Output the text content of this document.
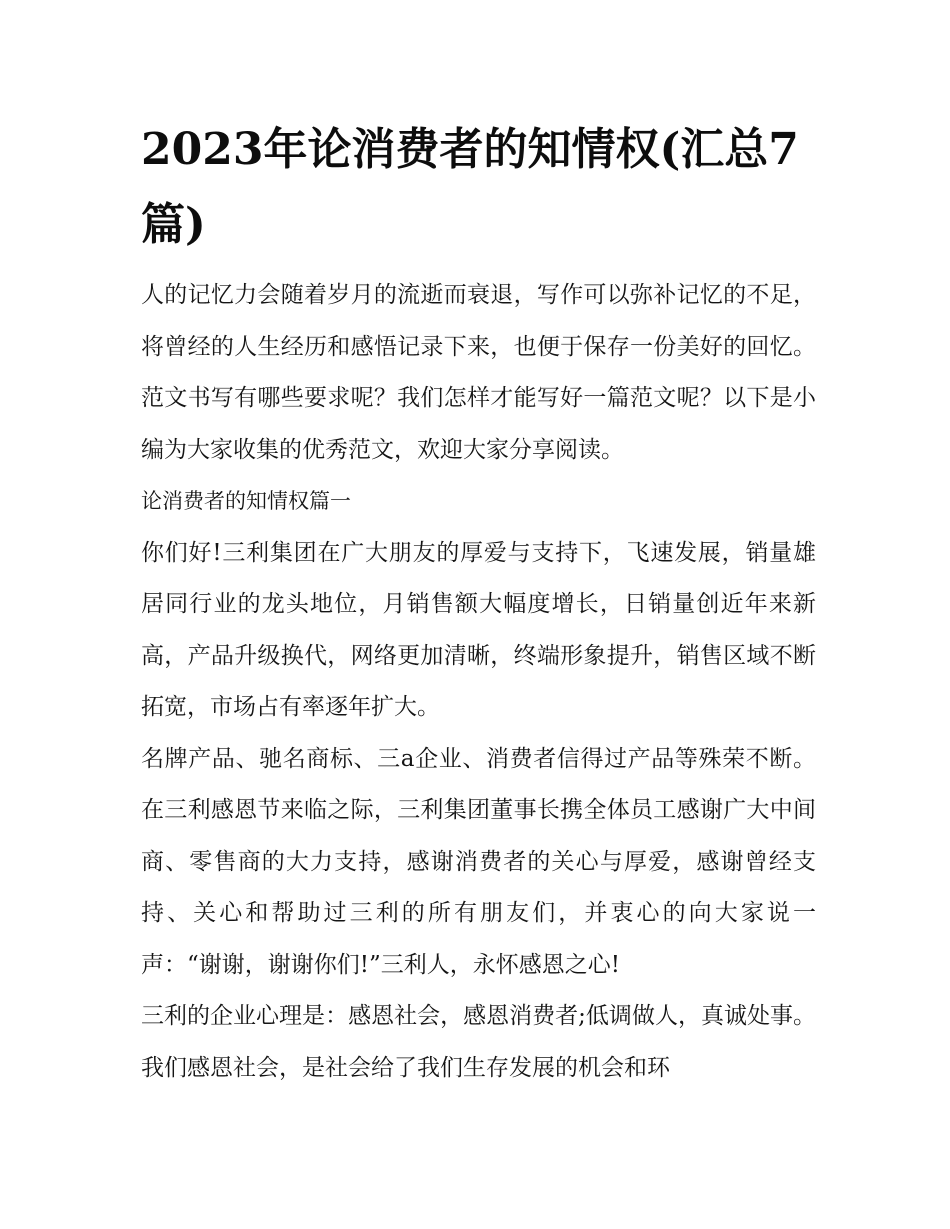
2023年论消费者的知情权(汇总7篇)

人的记忆力会随着岁月的流逝而衰退，写作可以弥补记忆的不足，将曾经的人生经历和感悟记录下来，也便于保存一份美好的回忆。范文书写有哪些要求呢？我们怎样才能写好一篇范文呢？以下是小编为大家收集的优秀范文，欢迎大家分享阅读。

论消费者的知情权篇一

你们好!三利集团在广大朋友的厚爱与支持下，飞速发展，销量雄居同行业的龙头地位，月销售额大幅度增长，日销量创近年来新高，产品升级换代，网络更加清晰，终端形象提升，销售区域不断拓宽，市场占有率逐年扩大。

名牌产品、驰名商标、三a企业、消费者信得过产品等殊荣不断。在三利感恩节来临之际，三利集团董事长携全体员工感谢广大中间商、零售商的大力支持，感谢消费者的关心与厚爱，感谢曾经支持、关心和帮助过三利的所有朋友们，并衷心的向大家说一声：“谢谢，谢谢你们!”三利人，永怀感恩之心!

三利的企业心理是：感恩社会，感恩消费者;低调做人，真诚处事。我们感恩社会，是社会给了我们生存发展的机会和环
